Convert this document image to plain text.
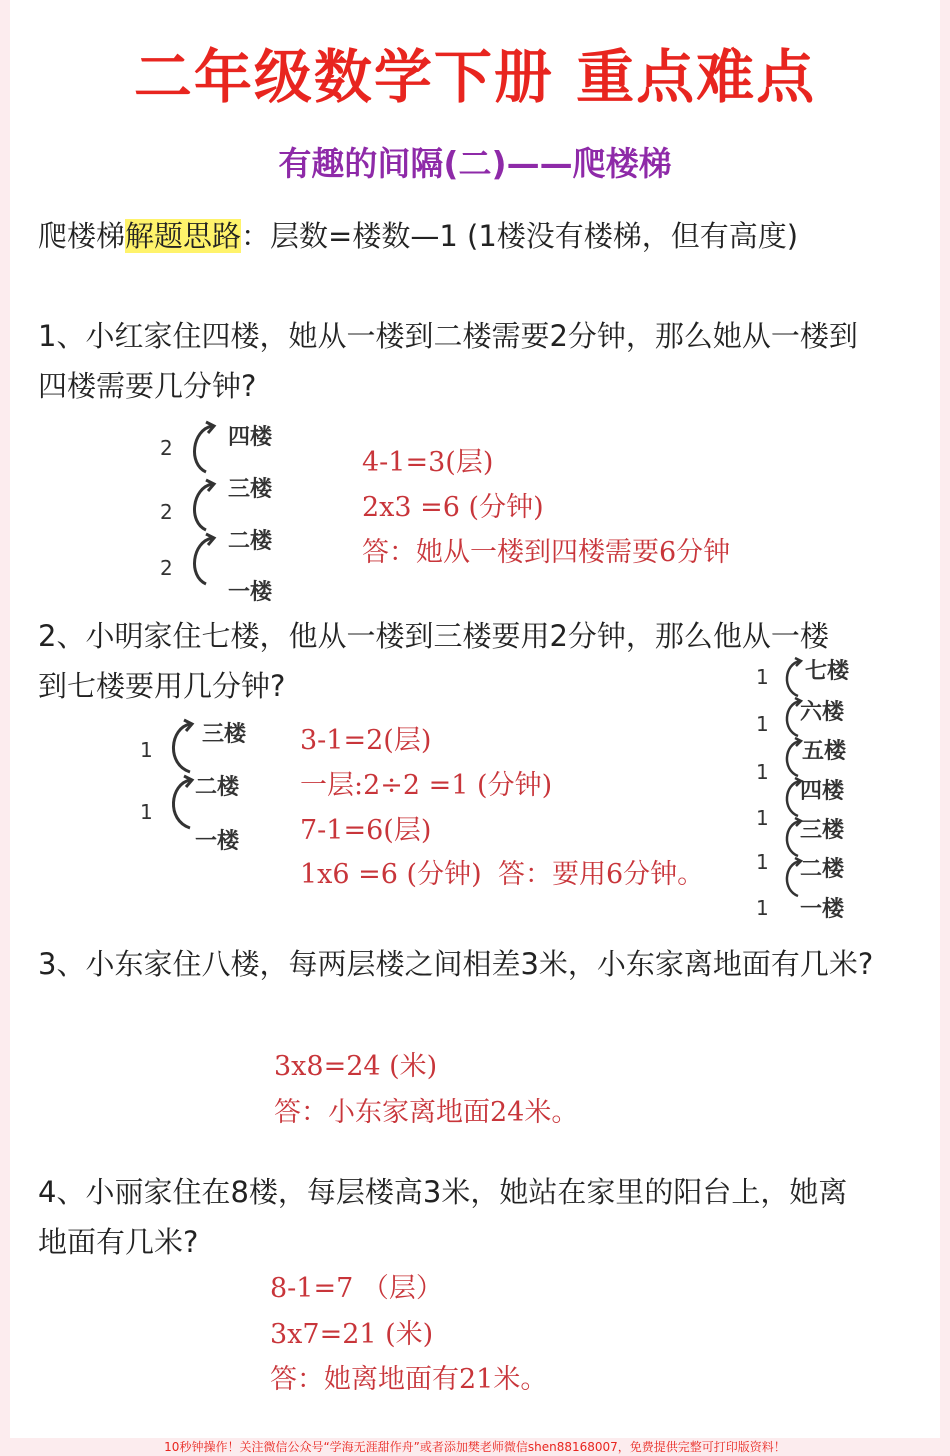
二年级数学下册 重点难点
有趣的间隔(二)——爬楼梯
爬楼梯解题思路：层数=楼数—1 (1楼没有楼梯，但有高度)
1、小红家住四楼，她从一楼到二楼需要2分钟，那么她从一楼到
四楼需要几分钟?
四楼
三楼
二楼
一楼
2
2
2
4-1=3(层)
2x3 =6 (分钟)
答：她从一楼到四楼需要6分钟
2、小明家住七楼，他从一楼到三楼要用2分钟，那么他从一楼
到七楼要用几分钟?
三楼
二楼
一楼
1
1
3-1=2(层)
一层:2÷2 =1 (分钟)
7-1=6(层)
1x6 =6 (分钟) 答：要用6分钟。
七楼
六楼
五楼
四楼
三楼
二楼
一楼
1
1
1
1
1
1
3、小东家住八楼，每两层楼之间相差3米，小东家离地面有几米?
3x8=24 (米)
答：小东家离地面24米。
4、小丽家住在8楼，每层楼高3米，她站在家里的阳台上，她离
地面有几米?
8-1=7 （层）
3x7=21 (米)
答：她离地面有21米。
10秒钟操作！关注微信公众号“学海无涯甜作舟”或者添加樊老师微信shen88168007，免费提供完整可打印版资料！
